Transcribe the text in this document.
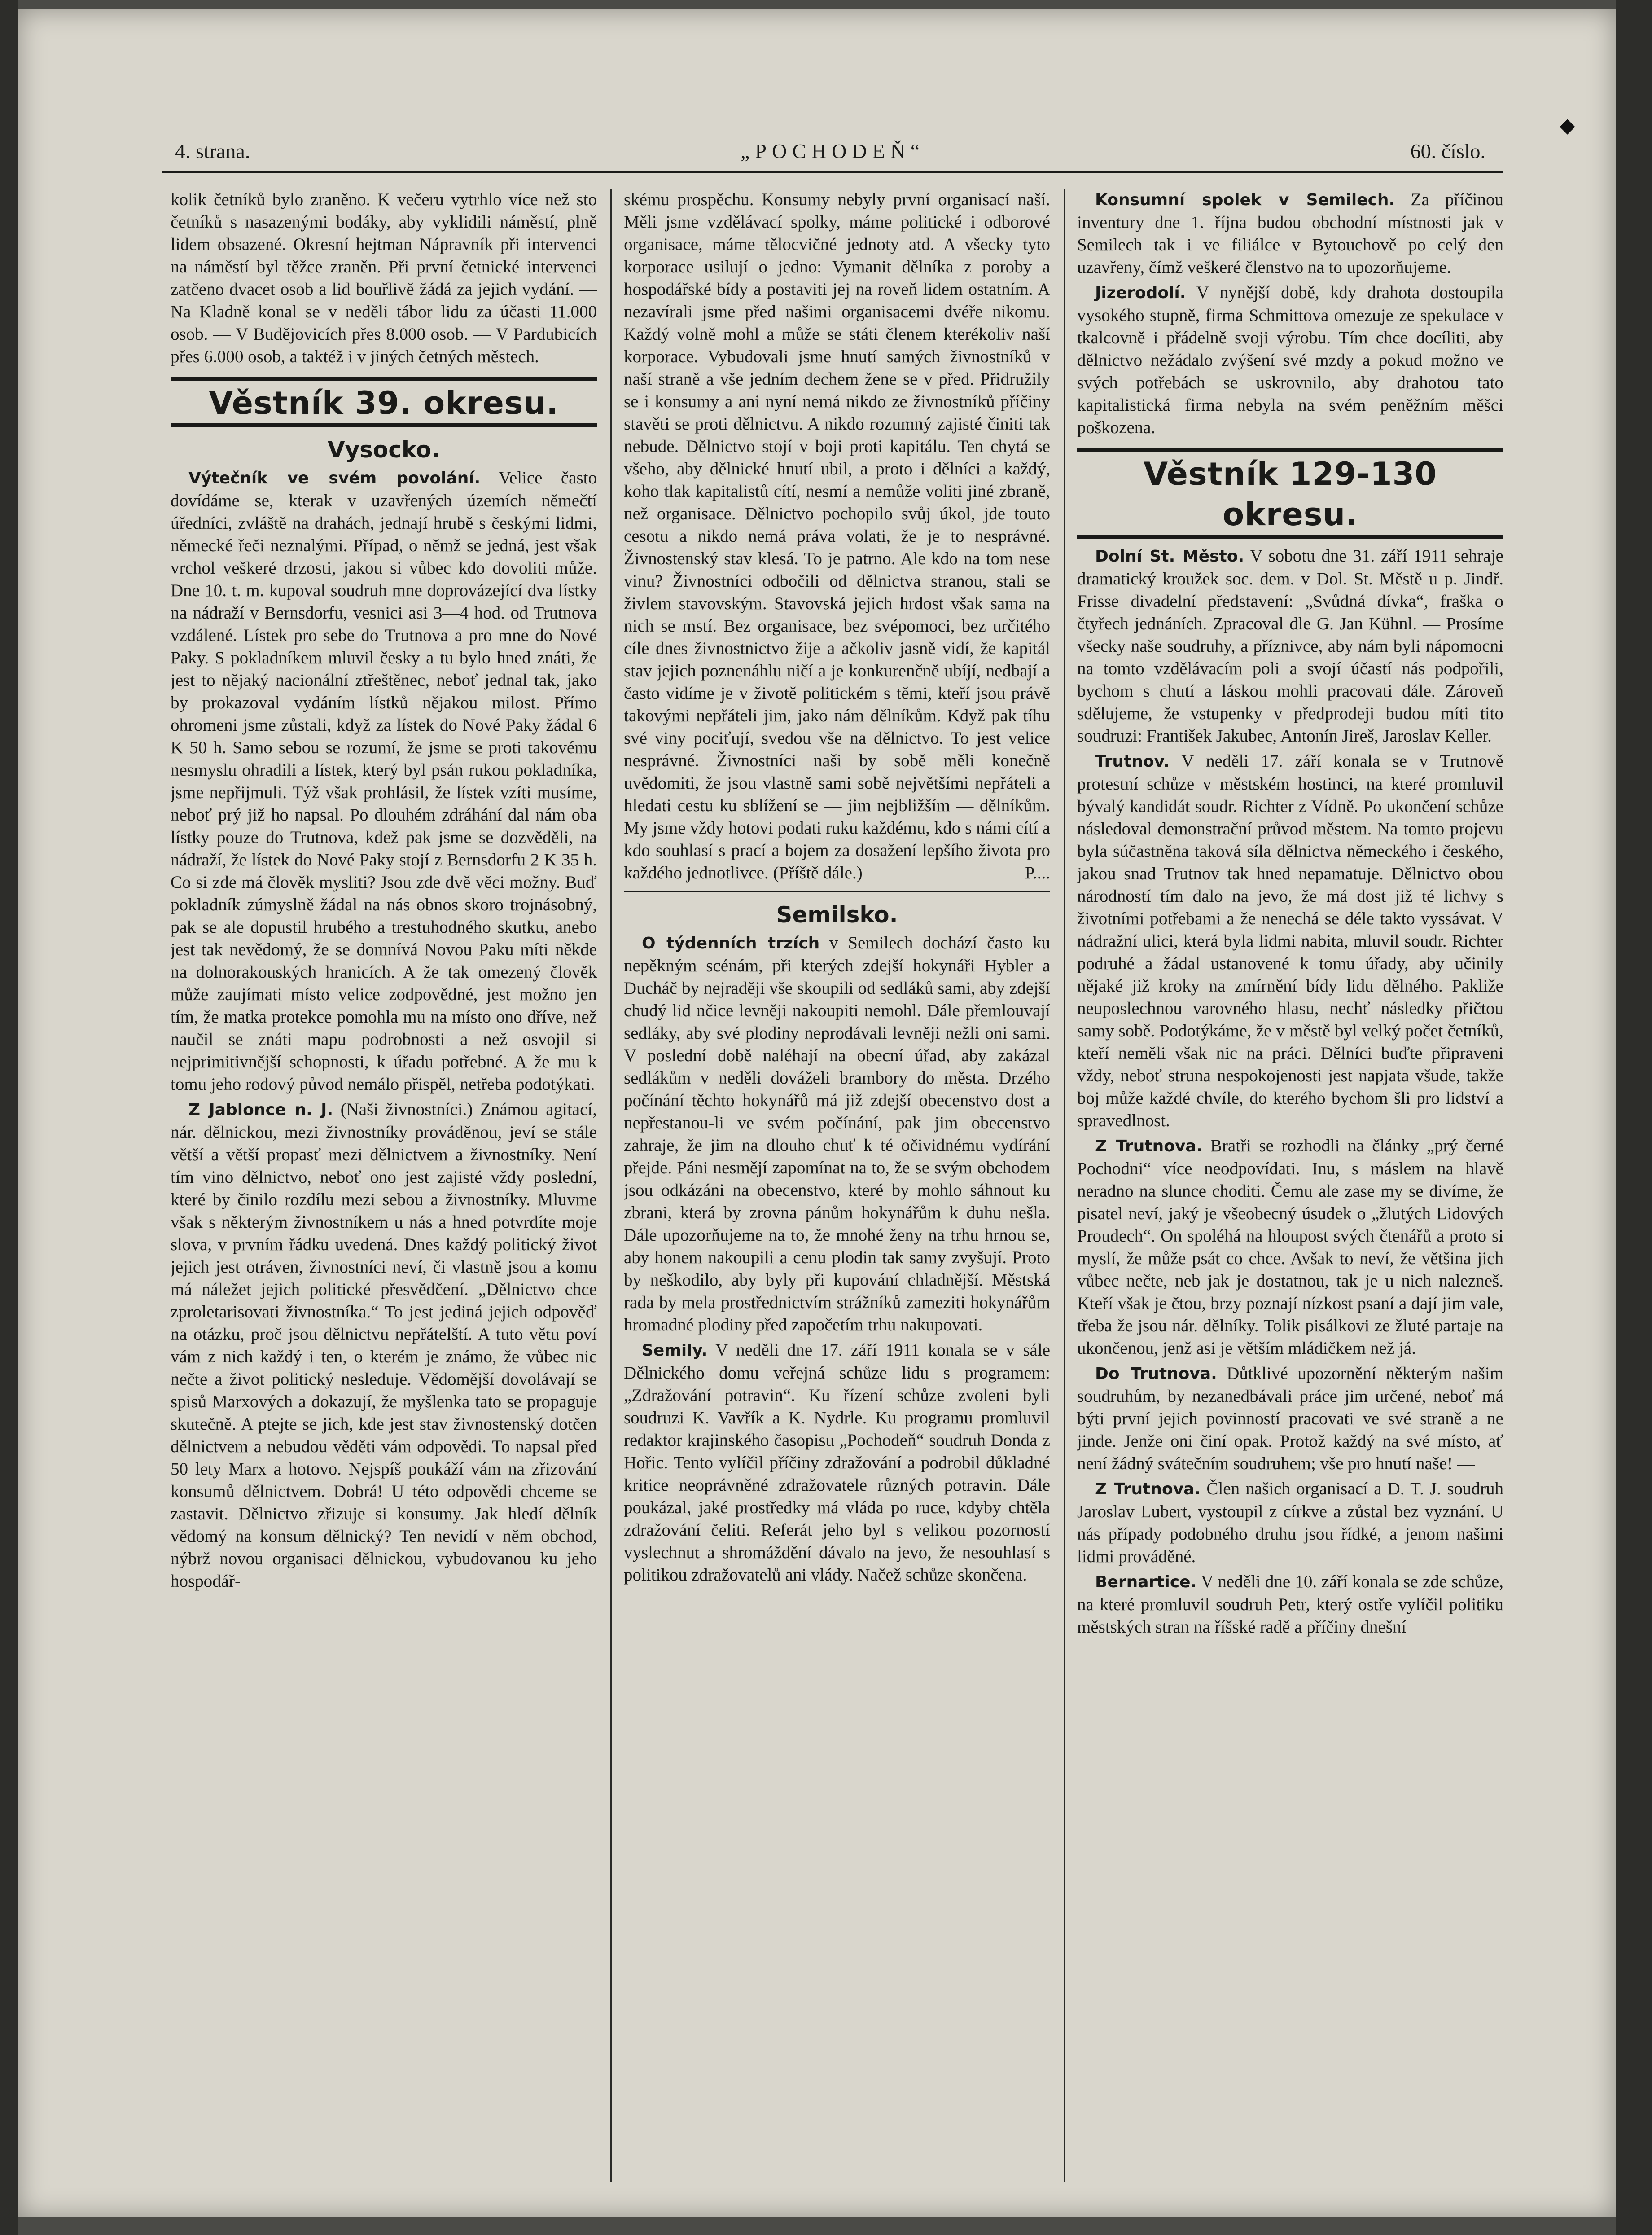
⬥
4. strana.	„POCHODEŇ“	60. číslo.

kolik četníků bylo zraněno. K večeru vytrhlo více než sto četníků s nasazenými bodáky, aby vyklidili náměstí, plně lidem obsazené. Okresní hejtman Nápravník při intervenci na náměstí byl těžce zraněn. Při první četnické intervenci zatčeno dvacet osob a lid bouřlivě žádá za jejich vydání. — Na Kladně konal se v neděli tábor lidu za účasti 11.000 osob. — V Budějovicích přes 8.000 osob. — V Pardubicích přes 6.000 osob, a taktéž i v jiných četných městech.

Věstník 39. okresu.
Vysocko.

Výtečník ve svém povolání. Velice často dovídáme se, kterak v uzavřených územích němečtí úředníci, zvláště na drahách, jednají hrubě s českými lidmi, německé řeči neznalými. Případ, o němž se jedná, jest však vrchol veškeré drzosti, jakou si vůbec kdo dovoliti může. Dne 10. t. m. kupoval soudruh mne doprovázející dva lístky na nádraží v Bernsdorfu, vesnici asi 3—4 hod. od Trutnova vzdálené. Lístek pro sebe do Trutnova a pro mne do Nové Paky. S pokladníkem mluvil česky a tu bylo hned znáti, že jest to nějaký nacionální ztřeštěnec, neboť jednal tak, jako by prokazoval vydáním lístků nějakou milost. Přímo ohromeni jsme zůstali, když za lístek do Nové Paky žádal 6 K 50 h. Samo sebou se rozumí, že jsme se proti takovému nesmyslu ohradili a lístek, který byl psán rukou pokladníka, jsme nepřijmuli. Týž však prohlásil, že lístek vzíti musíme, neboť prý již ho napsal. Po dlouhém zdráhání dal nám oba lístky pouze do Trutnova, kdež pak jsme se dozvěděli, na nádraží, že lístek do Nové Paky stojí z Bernsdorfu 2 K 35 h. Co si zde má člověk mysliti? Jsou zde dvě věci možny. Buď pokladník zúmyslně žádal na nás obnos skoro trojnásobný, pak se ale dopustil hrubého a trestuhodného skutku, anebo jest tak nevědomý, že se domnívá Novou Paku míti někde na dolnorakouských hranicích. A že tak omezený člověk může zaujímati místo velice zodpovědné, jest možno jen tím, že matka protekce pomohla mu na místo ono dříve, než naučil se znáti mapu podrobnosti a než osvojil si nejprimitivnější schopnosti, k úřadu potřebné. A že mu k tomu jeho rodový původ nemálo přispěl, netřeba podotýkati.

Z Jablonce n. J. (Naši živnostníci.) Známou agitací, nár. dělnickou, mezi živnostníky prováděnou, jeví se stále větší a větší propasť mezi dělnictvem a živnostníky. Není tím vino dělnictvo, neboť ono jest zajisté vždy poslední, které by činilo rozdílu mezi sebou a živnostníky. Mluvme však s některým živnostníkem u nás a hned potvrdíte moje slova, v prvním řádku uvedená. Dnes každý politický život jejich jest otráven, živnostníci neví, či vlastně jsou a komu má náležet jejich politické přesvědčení. „Dělnictvo chce zproletarisovati živnostníka.“ To jest jediná jejich odpověď na otázku, proč jsou dělnictvu nepřátelští. A tuto větu poví vám z nich každý i ten, o kterém je známo, že vůbec nic nečte a život politický nesleduje. Vědomější dovolávají se spisů Marxových a dokazují, že myšlenka tato se propaguje skutečně. A ptejte se jich, kde jest stav živnostenský dotčen dělnictvem a nebudou věděti vám odpovědi. To napsal před 50 lety Marx a hotovo. Nejspíš poukáží vám na zřizování konsumů dělnictvem. Dobrá! U této odpovědi chceme se zastavit. Dělnictvo zřizuje si konsumy. Jak hledí dělník vědomý na konsum dělnický? Ten nevidí v něm obchod, nýbrž novou organisaci dělnickou, vybudovanou ku jeho hospodář-

skému prospěchu. Konsumy nebyly první organisací naší. Měli jsme vzdělávací spolky, máme politické i odborové organisace, máme tělocvičné jednoty atd. A všecky tyto korporace usilují o jedno: Vymanit dělníka z poroby a hospodářské bídy a postaviti jej na roveň lidem ostatním. A nezavírali jsme před našimi organisacemi dvéře nikomu. Každý volně mohl a může se státi členem kterékoliv naší korporace. Vybudovali jsme hnutí samých živnostníků v naší straně a vše jedním dechem žene se v před. Přidružily se i konsumy a ani nyní nemá nikdo ze živnostníků příčiny stavěti se proti dělnictvu. A nikdo rozumný zajisté činiti tak nebude. Dělnictvo stojí v boji proti kapitálu. Ten chytá se všeho, aby dělnické hnutí ubil, a proto i dělníci a každý, koho tlak kapitalistů cítí, nesmí a nemůže voliti jiné zbraně, než organisace. Dělnictvo pochopilo svůj úkol, jde touto cesotu a nikdo nemá práva volati, že je to nesprávné. Živnostenský stav klesá. To je patrno. Ale kdo na tom nese vinu? Živnostníci odbočili od dělnictva stranou, stali se živlem stavovským. Stavovská jejich hrdost však sama na nich se mstí. Bez organisace, bez svépomoci, bez určitého cíle dnes živnostnictvo žije a ačkoliv jasně vidí, že kapitál stav jejich poznenáhlu ničí a je konkurenčně ubíjí, nedbají a často vidíme je v životě politickém s těmi, kteří jsou právě takovými nepřáteli jim, jako nám dělníkům. Když pak tíhu své viny pociťují, svedou vše na dělnictvo. To jest velice nesprávné. Živnostníci naši by sobě měli konečně uvědomiti, že jsou vlastně sami sobě největšími nepřáteli a hledati cestu ku sblížení se — jim nejbližším — dělníkům. My jsme vždy hotovi podati ruku každému, kdo s námi cítí a kdo souhlasí s prací a bojem za dosažení lepšího života pro každého jednotlivce. (Příště dále.)	P....

Semilsko.

O týdenních trzích v Semilech dochází často ku nepěkným scénám, při kterých zdejší hokynáři Hybler a Ducháč by nejraději vše skoupili od sedláků sami, aby zdejší chudý lid nčice levněji nakoupiti nemohl. Dále přemlouvají sedláky, aby své plodiny neprodávali levněji nežli oni sami. V poslední době naléhají na obecní úřad, aby zakázal sedlákům v neděli dováželi brambory do města. Drzého počínání těchto hokynářů má již zdejší obecenstvo dost a nepřestanou-li ve svém počínání, pak jim obecenstvo zahraje, že jim na dlouho chuť k té očividnému vydírání přejde. Páni nesmějí zapomínat na to, že se svým obchodem jsou odkázáni na obecenstvo, které by mohlo sáhnout ku zbrani, která by zrovna pánům hokynářům k duhu nešla. Dále upozorňujeme na to, že mnohé ženy na trhu hrnou se, aby honem nakoupili a cenu plodin tak samy zvyšují. Proto by neškodilo, aby byly při kupování chladnější. Městská rada by mela prostřednictvím strážníků zameziti hokynářům hromadné plodiny před započetím trhu nakupovati.

Semily. V neděli dne 17. září 1911 konala se v sále Dělnického domu veřejná schůze lidu s programem: „Zdražování potravin“. Ku řízení schůze zvoleni byli soudruzi K. Vavřík a K. Nydrle. Ku programu promluvil redaktor krajinského časopisu „Pochodeň“ soudruh Donda z Hořic. Tento vylíčil příčiny zdražování a podrobil důkladné kritice neoprávněné zdražovatele různých potravin. Dále poukázal, jaké prostředky má vláda po ruce, kdyby chtěla zdražování čeliti. Referát jeho byl s velikou pozorností vyslechnut a shromáždění dávalo na jevo, že nesouhlasí s politikou zdražovatelů ani vlády. Načež schůze skončena.

Konsumní spolek v Semilech. Za příčinou inventury dne 1. října budou obchodní místnosti jak v Semilech tak i ve filiálce v Bytouchově po celý den uzavřeny, čímž veškeré členstvo na to upozorňujeme.

Jizerodolí. V nynější době, kdy drahota dostoupila vysokého stupně, firma Schmittova omezuje ze spekulace v tkalcovně i přádelně svoji výrobu. Tím chce docíliti, aby dělnictvo nežádalo zvýšení své mzdy a pokud možno ve svých potřebách se uskrovnilo, aby drahotou tato kapitalistická firma nebyla na svém peněžním měšci poškozena.

Věstník 129-130 okresu.

Dolní St. Město. V sobotu dne 31. září 1911 sehraje dramatický kroužek soc. dem. v Dol. St. Městě u p. Jindř. Frisse divadelní představení: „Svůdná dívka“, fraška o čtyřech jednáních. Zpracoval dle G. Jan Kühnl. — Prosíme všecky naše soudruhy, a příznivce, aby nám byli nápomocni na tomto vzdělávacím poli a svojí účastí nás podpořili, bychom s chutí a láskou mohli pracovati dále. Zároveň sdělujeme, že vstupenky v předprodeji budou míti tito soudruzi: František Jakubec, Antonín Jireš, Jaroslav Keller.

Trutnov. V neděli 17. září konala se v Trutnově protestní schůze v městském hostinci, na které promluvil bývalý kandidát soudr. Richter z Vídně. Po ukončení schůze následoval demonstrační průvod městem. Na tomto projevu byla súčastněna taková síla dělnictva německého i českého, jakou snad Trutnov tak hned nepamatuje. Dělnictvo obou národností tím dalo na jevo, že má dost již té lichvy s životními potřebami a že nenechá se déle takto vyssávat. V nádražní ulici, která byla lidmi nabita, mluvil soudr. Richter podruhé a žádal ustanovené k tomu úřady, aby učinily nějaké již kroky na zmírnění bídy lidu dělného. Pakliže neuposlechnou varovného hlasu, nechť následky přičtou samy sobě. Podotýkáme, že v městě byl velký počet četníků, kteří neměli však nic na práci. Dělníci buďte připraveni vždy, neboť struna nespokojenosti jest napjata všude, takže boj může každé chvíle, do kterého bychom šli pro lidství a spravedlnost.

Z Trutnova. Bratři se rozhodli na články „prý černé Pochodni“ více neodpovídati. Inu, s máslem na hlavě neradno na slunce choditi. Čemu ale zase my se divíme, že pisatel neví, jaký je všeobecný úsudek o „žlutých Lidových Proudech“. On spoléhá na hloupost svých čtenářů a proto si myslí, že může psát co chce. Avšak to neví, že většina jich vůbec nečte, neb jak je dostatnou, tak je u nich nalezneš. Kteří však je čtou, brzy poznají nízkost psaní a dají jim vale, třeba že jsou nár. dělníky. Tolik pisálkovi ze žluté partaje na ukončenou, jenž asi je větším mládičkem než já.

Do Trutnova. Důtklivé upozornění některým našim soudruhům, by nezanedbávali práce jim určené, neboť má býti první jejich povinností pracovati ve své straně a ne jinde. Jenže oni činí opak. Protož každý na své místo, ať není žádný svátečním soudruhem; vše pro hnutí naše! —

Z Trutnova. Člen našich organisací a D. T. J. soudruh Jaroslav Lubert, vystoupil z církve a zůstal bez vyznání. U nás případy podobného druhu jsou řídké, a jenom našimi lidmi prováděné.

Bernartice. V neděli dne 10. září konala se zde schůze, na které promluvil soudruh Petr, který ostře vylíčil politiku městských stran na říšské radě a příčiny dnešní
